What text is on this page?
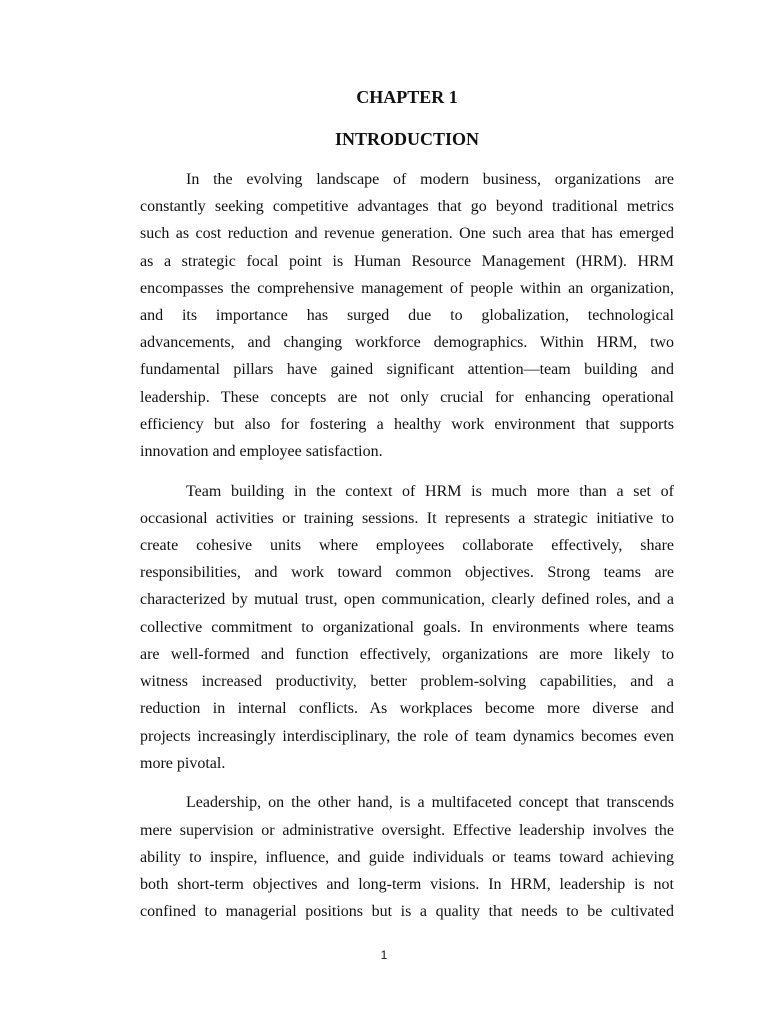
CHAPTER 1
INTRODUCTION
In the evolving landscape of modern business, organizations are
constantly seeking competitive advantages that go beyond traditional metrics
such as cost reduction and revenue generation. One such area that has emerged
as a strategic focal point is Human Resource Management (HRM). HRM
encompasses the comprehensive management of people within an organization,
and its importance has surged due to globalization, technological
advancements, and changing workforce demographics. Within HRM, two
fundamental pillars have gained significant attention—team building and
leadership. These concepts are not only crucial for enhancing operational
efficiency but also for fostering a healthy work environment that supports
innovation and employee satisfaction.
Team building in the context of HRM is much more than a set of
occasional activities or training sessions. It represents a strategic initiative to
create cohesive units where employees collaborate effectively, share
responsibilities, and work toward common objectives. Strong teams are
characterized by mutual trust, open communication, clearly defined roles, and a
collective commitment to organizational goals. In environments where teams
are well-formed and function effectively, organizations are more likely to
witness increased productivity, better problem-solving capabilities, and a
reduction in internal conflicts. As workplaces become more diverse and
projects increasingly interdisciplinary, the role of team dynamics becomes even
more pivotal.
Leadership, on the other hand, is a multifaceted concept that transcends
mere supervision or administrative oversight. Effective leadership involves the
ability to inspire, influence, and guide individuals or teams toward achieving
both short-term objectives and long-term visions. In HRM, leadership is not
confined to managerial positions but is a quality that needs to be cultivated
1
